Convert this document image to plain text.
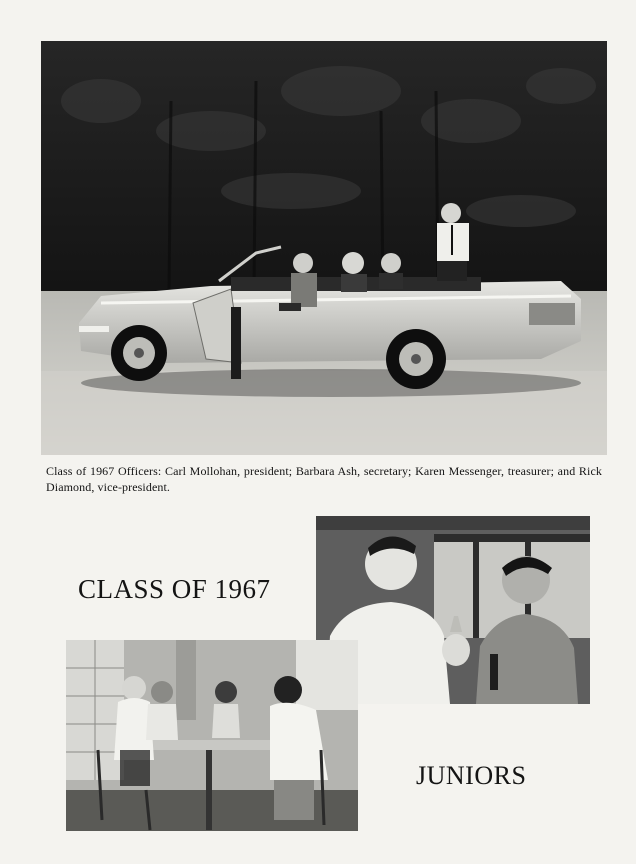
Class of 1967 Officers: Carl Mollohan, president; Barbara Ash, secretary; Karen Messenger, treasurer; and Rick Diamond, vice-president.
CLASS OF 1967
JUNIORS
